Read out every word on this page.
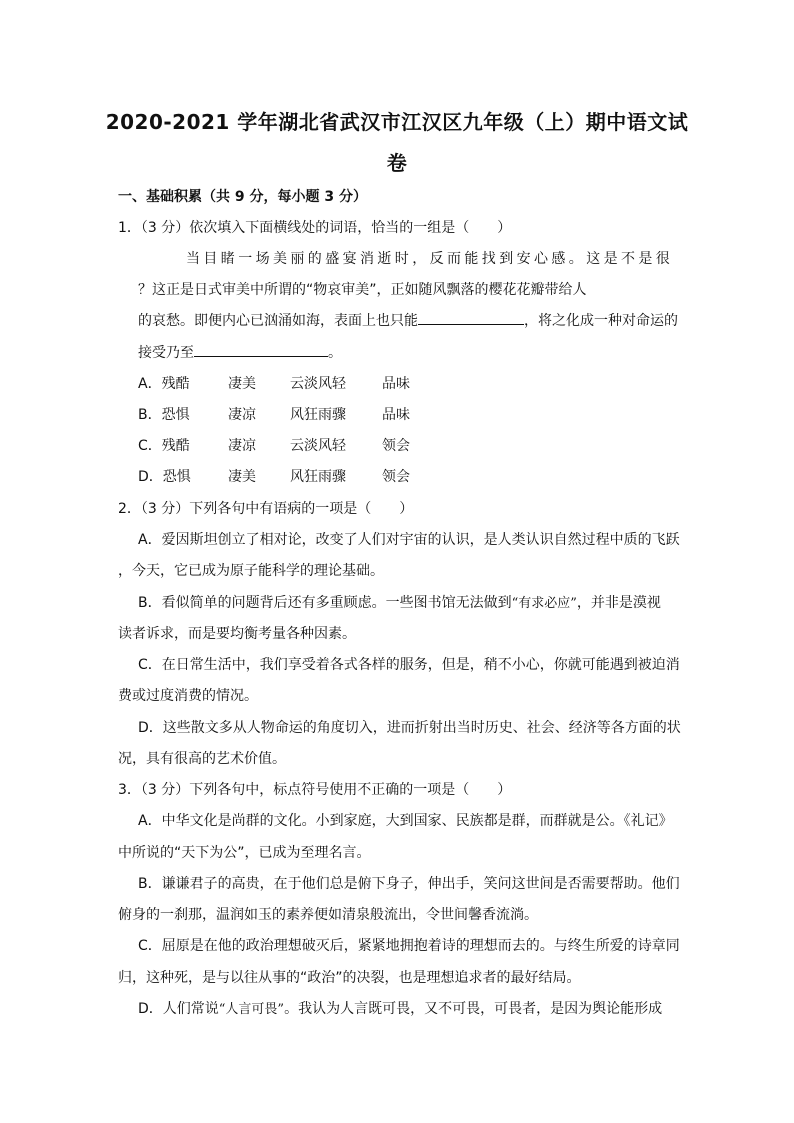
2020-2021 学年湖北省武汉市江汉区九年级（上）期中语文试
卷
一、基础积累（共 9 分，每小题 3 分）
1．（3 分）依次填入下面横线处的词语，恰当的一组是（　　）
当目睹一场美丽的盛宴消逝时，反而能找到安心感。这是不是很
？这正是日式审美中所谓的“物哀审美”，正如随风飘落的樱花花瓣带给人
的哀愁。即便内心已汹涌如海，表面上也只能	，将之化成一种对命运的
接受乃至	。
A．残酷	凄美 云淡风轻	品味
B．恐惧	凄凉 风狂雨骤	品味
C．残酷	凄凉 云淡风轻	领会
D．恐惧	凄美 风狂雨骤	领会
2．（3 分）下列各句中有语病的一项是（　　）
A．爱因斯坦创立了相对论，改变了人们对宇宙的认识，是人类认识自然过程中质的飞跃
，今天，它已成为原子能科学的理论基础。
B．看似简单的问题背后还有多重顾虑。一些图书馆无法做到“有求必应”，并非是漠视
读者诉求，而是要均衡考量各种因素。
C．在日常生活中，我们享受着各式各样的服务，但是，稍不小心，你就可能遇到被迫消
费或过度消费的情况。
D．这些散文多从人物命运的角度切入，进而折射出当时历史、社会、经济等各方面的状
况，具有很高的艺术价值。
3．（3 分）下列各句中，标点符号使用不正确的一项是（　　）
A．中华文化是尚群的文化。小到家庭，大到国家、民族都是群，而群就是公。《礼记》
中所说的“天下为公”，已成为至理名言。
B．谦谦君子的高贵，在于他们总是俯下身子，伸出手，笑问这世间是否需要帮助。他们
俯身的一刹那，温润如玉的素养便如清泉般流出，令世间馨香流淌。
C．屈原是在他的政治理想破灭后，紧紧地拥抱着诗的理想而去的。与终生所爱的诗章同
归，这种死，是与以往从事的“政治”的决裂，也是理想追求者的最好结局。
D．人们常说“人言可畏”。我认为人言既可畏，又不可畏，可畏者，是因为舆论能形成
